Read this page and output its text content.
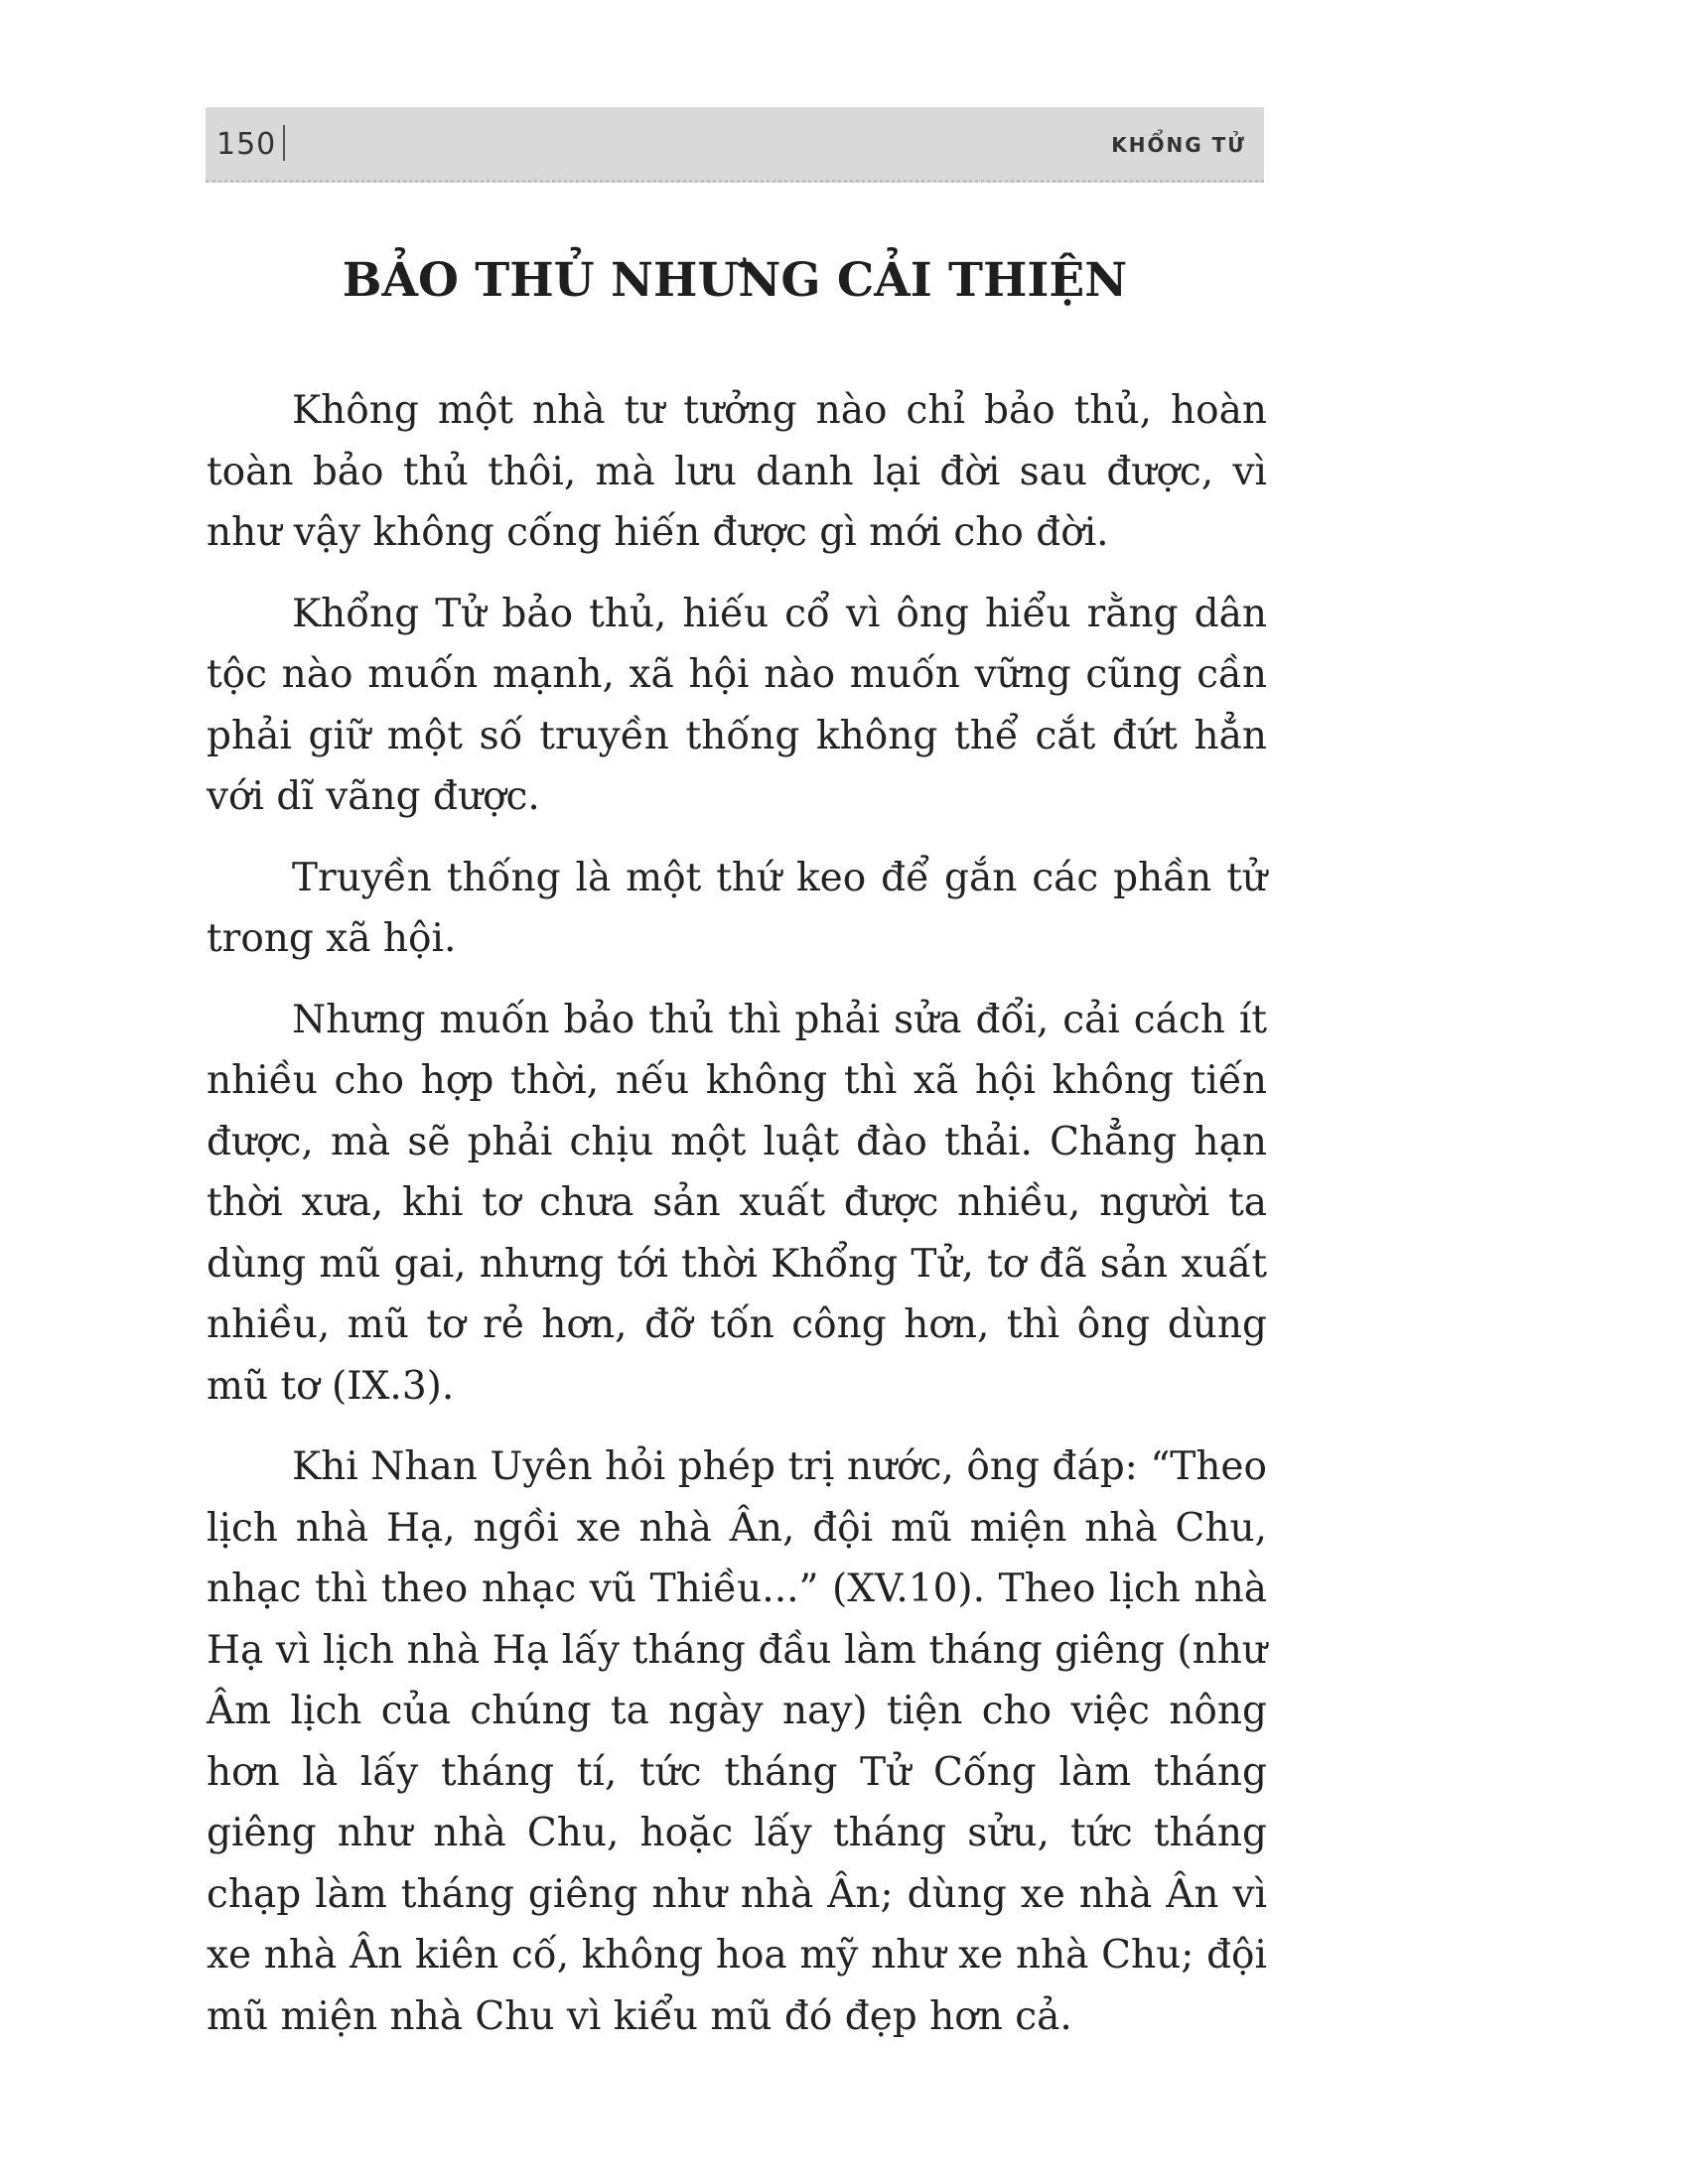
150	KHỔNG TỬ
BẢO THỦ NHƯNG CẢI THIỆN

Không một nhà tư tưởng nào chỉ bảo thủ, hoàn toàn bảo thủ thôi, mà lưu danh lại đời sau được, vì như vậy không cống hiến được gì mới cho đời.

Khổng Tử bảo thủ, hiếu cổ vì ông hiểu rằng dân tộc nào muốn mạnh, xã hội nào muốn vững cũng cần phải giữ một số truyền thống không thể cắt đứt hẳn với dĩ vãng được.

Truyền thống là một thứ keo để gắn các phần tử trong xã hội.

Nhưng muốn bảo thủ thì phải sửa đổi, cải cách ít nhiều cho hợp thời, nếu không thì xã hội không tiến được, mà sẽ phải chịu một luật đào thải. Chẳng hạn thời xưa, khi tơ chưa sản xuất được nhiều, người ta dùng mũ gai, nhưng tới thời Khổng Tử, tơ đã sản xuất nhiều, mũ tơ rẻ hơn, đỡ tốn công hơn, thì ông dùng mũ tơ (IX.3).

Khi Nhan Uyên hỏi phép trị nước, ông đáp: “Theo lịch nhà Hạ, ngồi xe nhà Ân, đội mũ miện nhà Chu, nhạc thì theo nhạc vũ Thiều...” (XV.10). Theo lịch nhà Hạ vì lịch nhà Hạ lấy tháng đầu làm tháng giêng (như Âm lịch của chúng ta ngày nay) tiện cho việc nông hơn là lấy tháng tí, tức tháng Tử Cống làm tháng giêng như nhà Chu, hoặc lấy tháng sửu, tức tháng chạp làm tháng giêng như nhà Ân; dùng xe nhà Ân vì xe nhà Ân kiên cố, không hoa mỹ như xe nhà Chu; đội mũ miện nhà Chu vì kiểu mũ đó đẹp hơn cả.
